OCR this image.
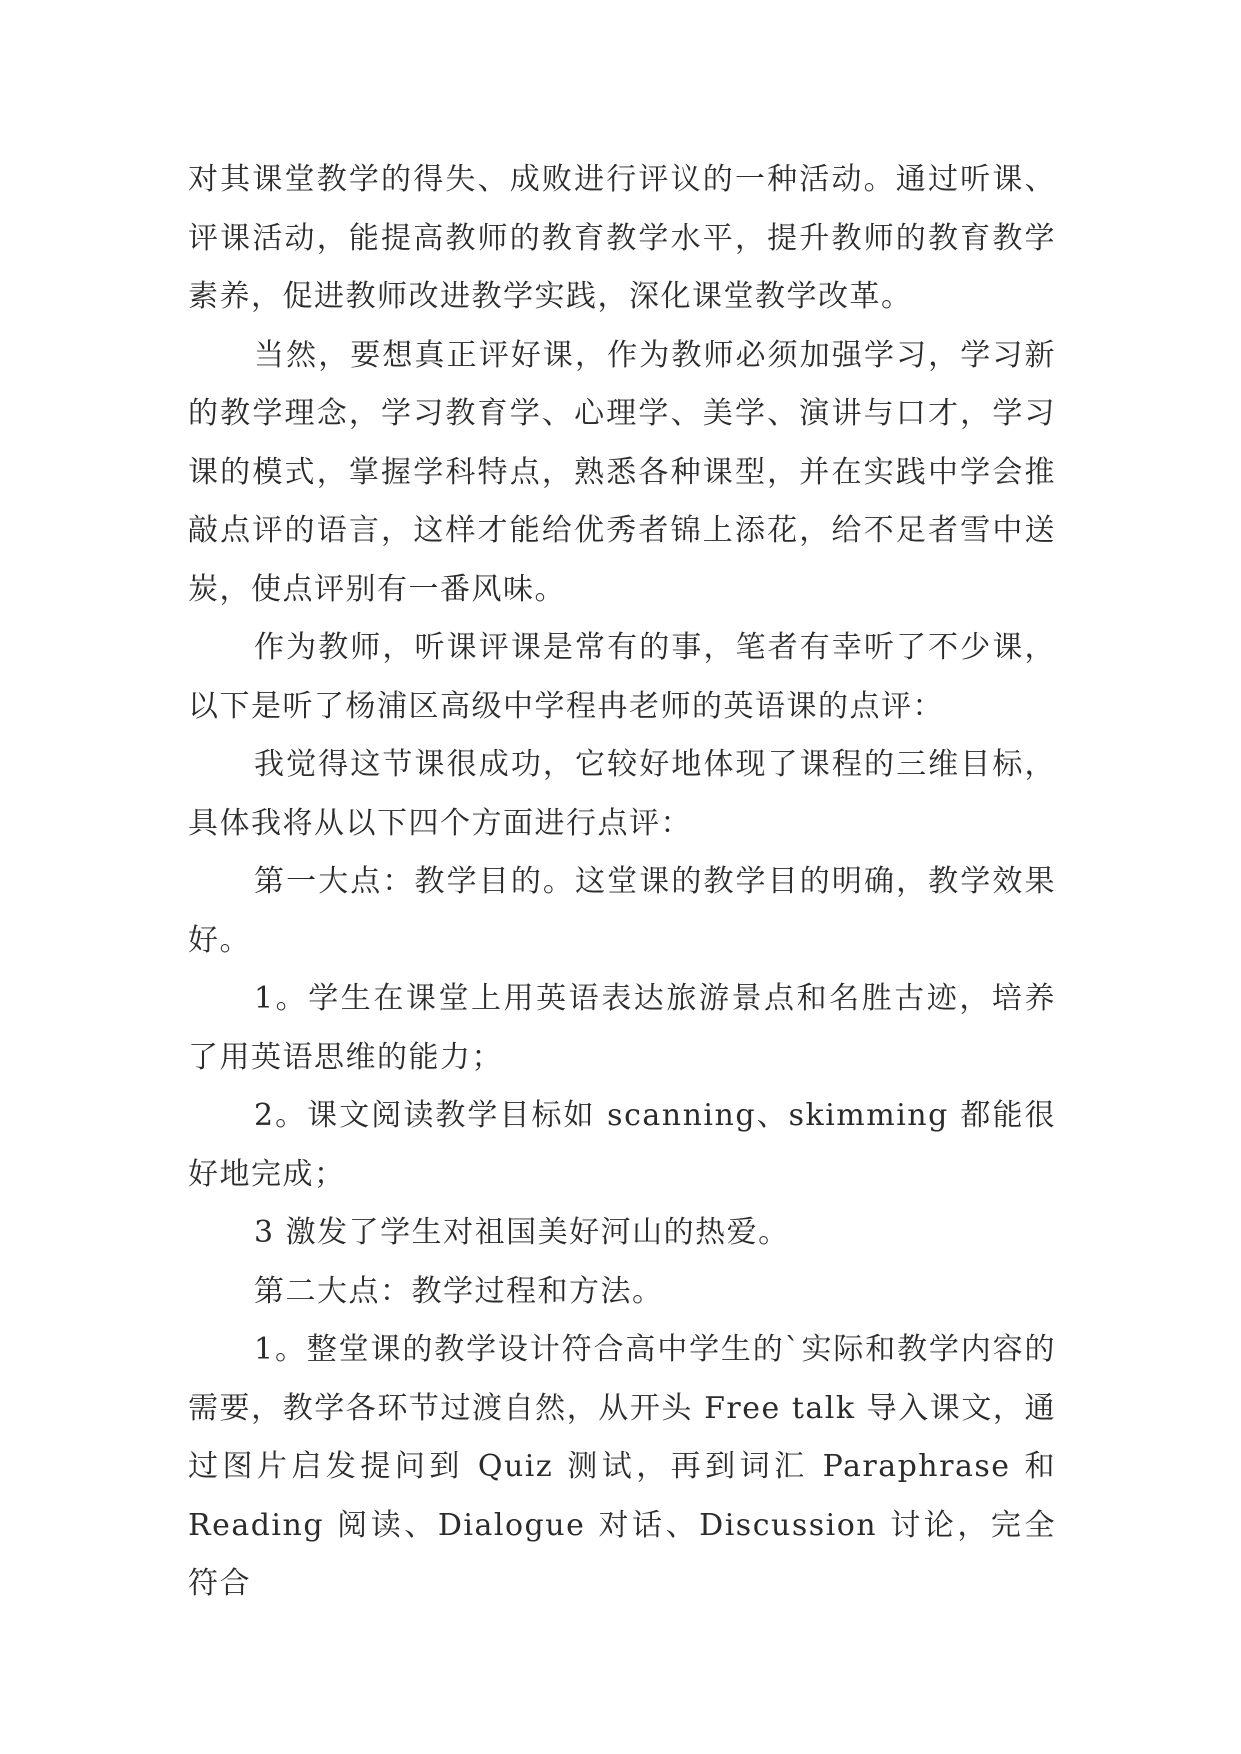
对其课堂教学的得失、成败进行评议的一种活动。通过听课、评课活动，能提高教师的教育教学水平，提升教师的教育教学素养，促进教师改进教学实践，深化课堂教学改革。

当然，要想真正评好课，作为教师必须加强学习，学习新的教学理念，学习教育学、心理学、美学、演讲与口才，学习课的模式，掌握学科特点，熟悉各种课型，并在实践中学会推敲点评的语言，这样才能给优秀者锦上添花，给不足者雪中送炭，使点评别有一番风味。

作为教师，听课评课是常有的事，笔者有幸听了不少课，以下是听了杨浦区高级中学程冉老师的英语课的点评：

我觉得这节课很成功，它较好地体现了课程的三维目标，具体我将从以下四个方面进行点评：

第一大点：教学目的。这堂课的教学目的明确，教学效果好。

1。学生在课堂上用英语表达旅游景点和名胜古迹，培养了用英语思维的能力；

2。课文阅读教学目标如 scanning、skimming 都能很好地完成；

3 激发了学生对祖国美好河山的热爱。

第二大点：教学过程和方法。

1。整堂课的教学设计符合高中学生的`实际和教学内容的需要，教学各环节过渡自然，从开头 Free talk 导入课文，通过图片启发提问到 Quiz 测试，再到词汇 Paraphrase 和 Reading 阅读、Dialogue 对话、Discussion 讨论，完全符合
